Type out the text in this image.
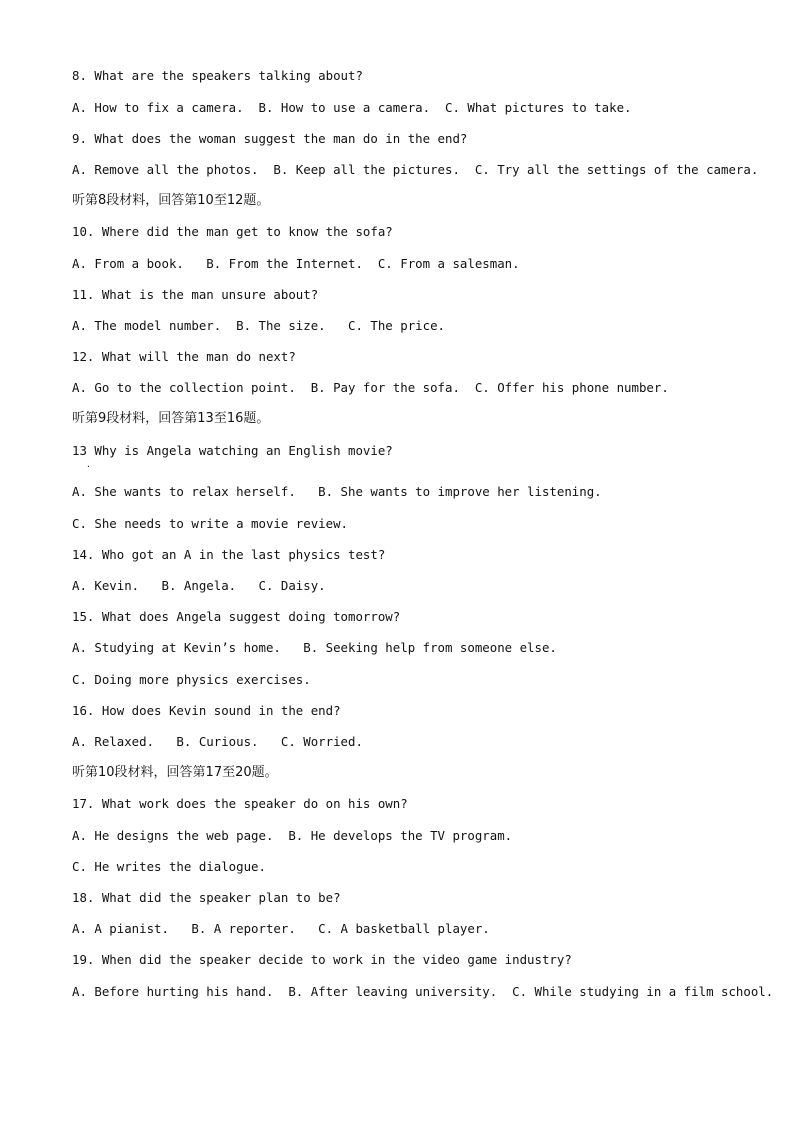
8. What are the speakers talking about?
A. How to fix a camera.  B. How to use a camera.  C. What pictures to take.
9. What does the woman suggest the man do in the end?
A. Remove all the photos.  B. Keep all the pictures.  C. Try all the settings of the camera.
听第8段材料，回答第10至12题。
10. Where did the man get to know the sofa?
A. From a book.   B. From the Internet.  C. From a salesman.
11. What is the man unsure about?
A. The model number.  B. The size.   C. The price.
12. What will the man do next?
A. Go to the collection point.  B. Pay for the sofa.  C. Offer his phone number.
听第9段材料，回答第13至16题。
13 Why is Angela watching an English movie?
·
A. She wants to relax herself.   B. She wants to improve her listening.
C. She needs to write a movie review.
14. Who got an A in the last physics test?
A. Kevin.   B. Angela.   C. Daisy.
15. What does Angela suggest doing tomorrow?
A. Studying at Kevin’s home.   B. Seeking help from someone else.
C. Doing more physics exercises.
16. How does Kevin sound in the end?
A. Relaxed.   B. Curious.   C. Worried.
听第10段材料，回答第17至20题。
17. What work does the speaker do on his own?
A. He designs the web page.  B. He develops the TV program.
C. He writes the dialogue.
18. What did the speaker plan to be?
A. A pianist.   B. A reporter.   C. A basketball player.
19. When did the speaker decide to work in the video game industry?
A. Before hurting his hand.  B. After leaving university.  C. While studying in a film school.
